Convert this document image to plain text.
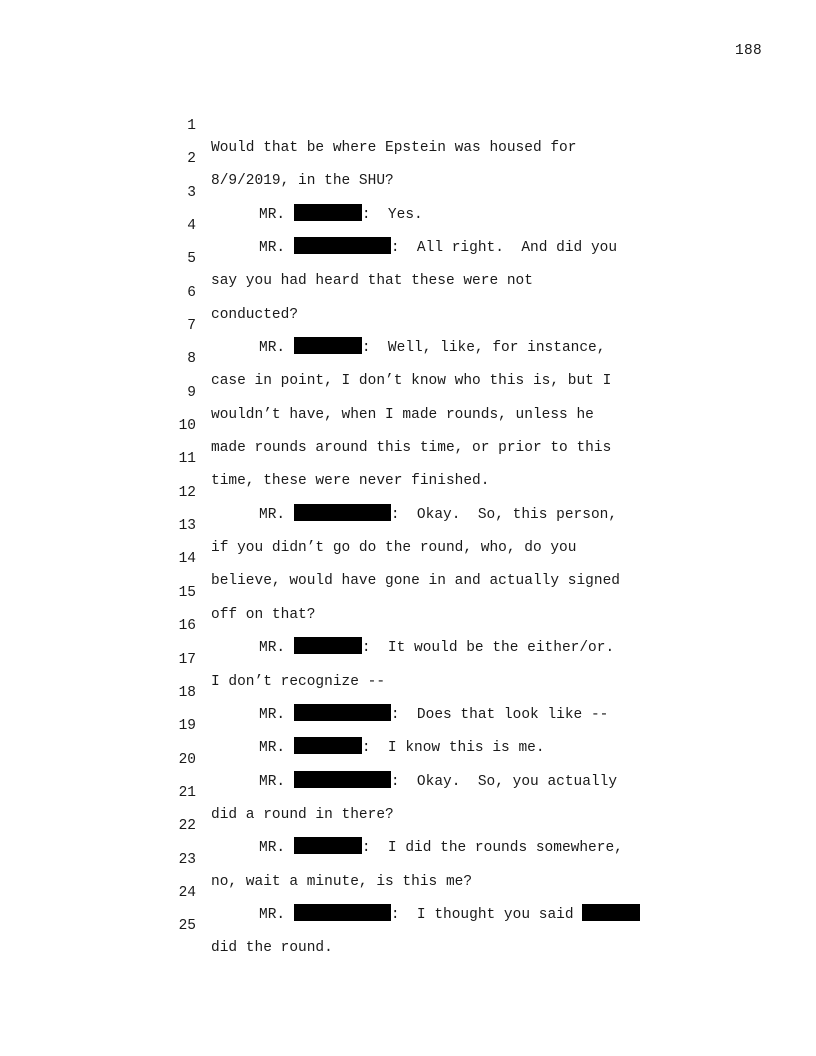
188

1

Would that be where Epstein was housed for

2

8/9/2019, in the SHU?

3

MR.	:  Yes.

4

MR.	:  All right.  And did you

5

say you had heard that these were not

6

conducted?

7

MR.	:  Well, like, for instance,

8

case in point, I don’t know who this is, but I

9

wouldn’t have, when I made rounds, unless he

10

made rounds around this time, or prior to this

11

time, these were never finished.

12

MR.	:  Okay.  So, this person,

13

if you didn’t go do the round, who, do you

14

believe, would have gone in and actually signed

15

off on that?

16

MR.	:  It would be the either/or.

17

I don’t recognize --

18

MR.	:  Does that look like --

19

MR.	:  I know this is me.

20

MR.	:  Okay.  So, you actually

21

did a round in there?

22

MR.	:  I did the rounds somewhere,

23

no, wait a minute, is this me?

24

MR.	:  I thought you said

25

did the round.
